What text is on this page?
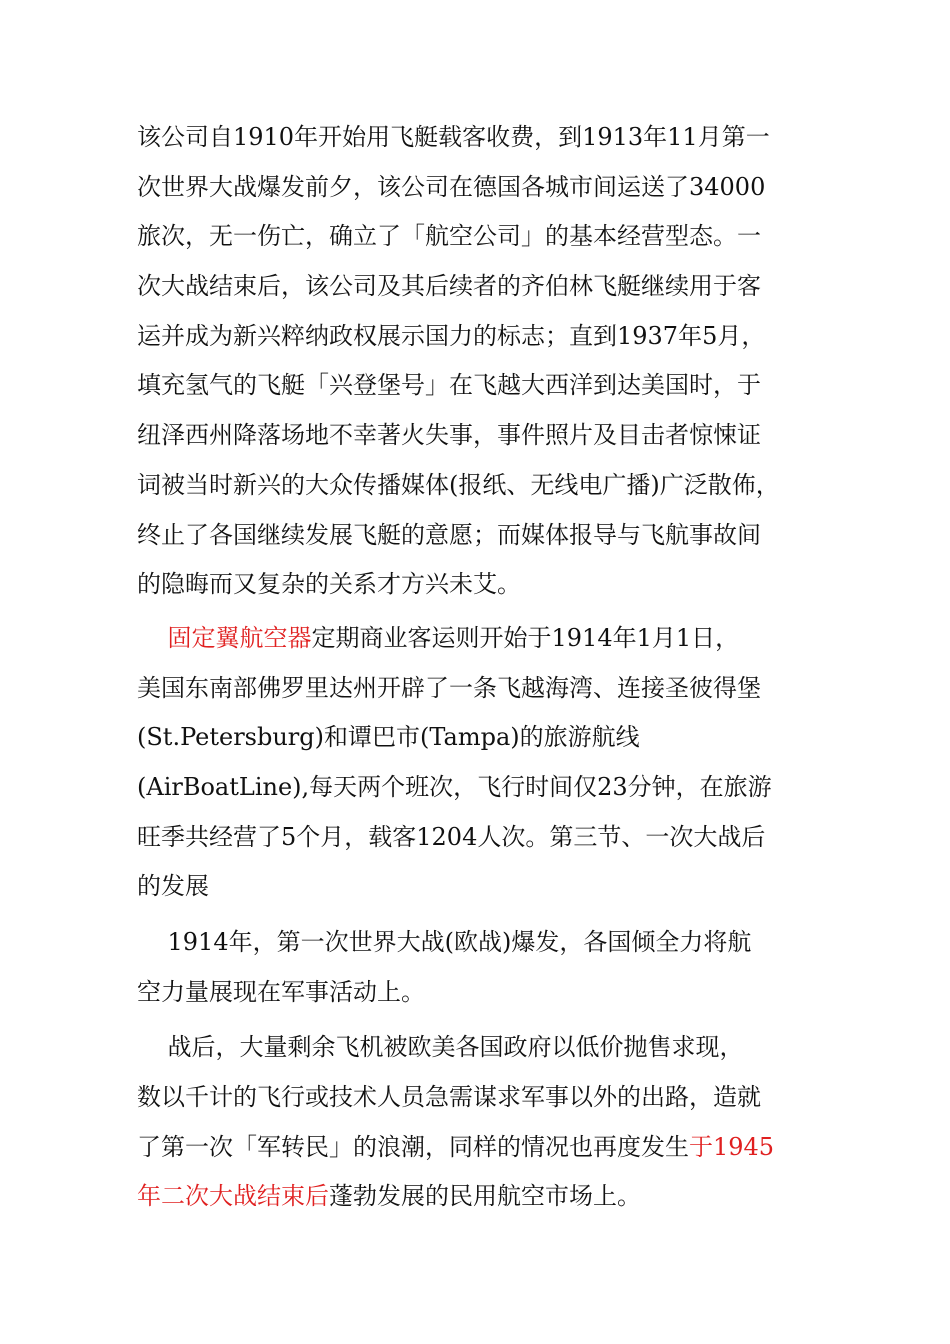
该公司自1910年开始用飞艇载客收费，到1913年11月第一
次世界大战爆发前夕，该公司在德国各城市间运送了34000
旅次，无一伤亡，确立了「航空公司」的基本经营型态。一
次大战结束后，该公司及其后续者的齐伯林飞艇继续用于客
运并成为新兴粹纳政权展示国力的标志；直到1937年5月，
填充氢气的飞艇「兴登堡号」在飞越大西洋到达美国时，于
纽泽西州降落场地不幸著火失事，事件照片及目击者惊悚证
词被当时新兴的大众传播媒体(报纸、无线电广播)广泛散佈，
终止了各国继续发展飞艇的意愿；而媒体报导与飞航事故间
的隐晦而又复杂的关系才方兴未艾。
固定翼航空器定期商业客运则开始于1914年1月1日，
美国东南部佛罗里达州开辟了一条飞越海湾、连接圣彼得堡
(St.Petersburg)和谭巴市(Tampa)的旅游航线
(AirBoatLine),每天两个班次，飞行时间仅23分钟，在旅游
旺季共经营了5个月，载客1204人次。第三节、一次大战后
的发展
1914年，第一次世界大战(欧战)爆发，各国倾全力将航
空力量展现在军事活动上。
战后，大量剩余飞机被欧美各国政府以低价抛售求现，
数以千计的飞行或技术人员急需谋求军事以外的出路，造就
了第一次「军转民」的浪潮，同样的情况也再度发生于1945
年二次大战结束后蓬勃发展的民用航空市场上。
